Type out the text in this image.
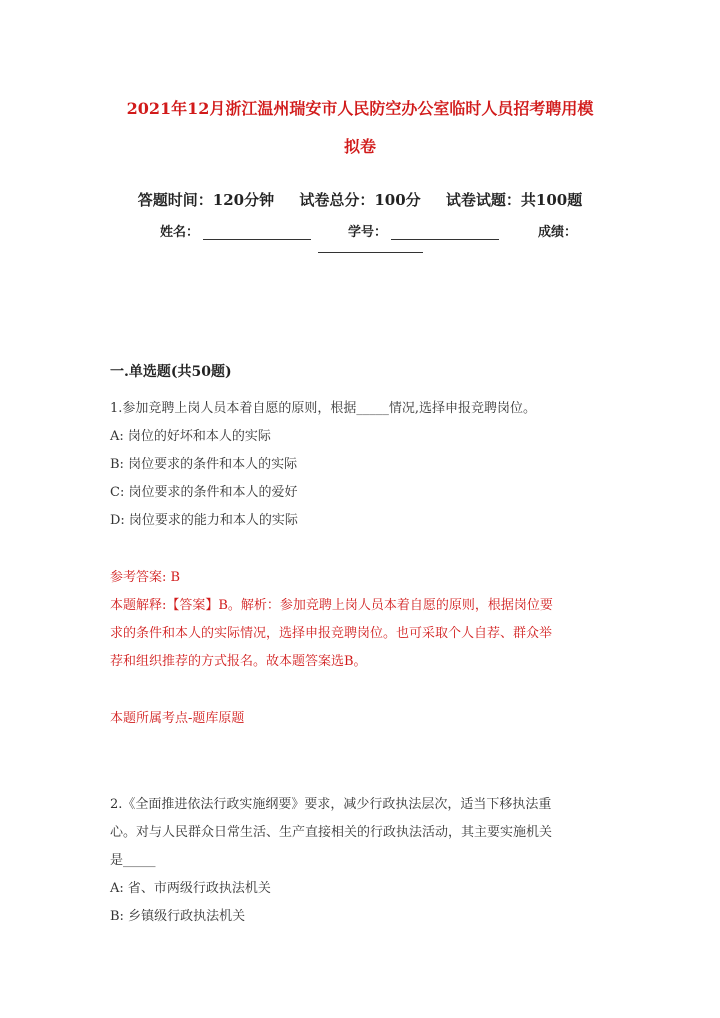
2021年12月浙江温州瑞安市人民防空办公室临时人员招考聘用模
拟卷
答题时间：120分钟 试卷总分：100分 试卷试题：共100题
姓名：	学号：	成绩：
一.单选题(共50题)
1.参加竞聘上岗人员本着自愿的原则，根据_____情况,选择申报竞聘岗位。
A: 岗位的好坏和本人的实际
B: 岗位要求的条件和本人的实际
C: 岗位要求的条件和本人的爱好
D: 岗位要求的能力和本人的实际
参考答案: B
本题解释:【答案】B。解析：参加竞聘上岗人员本着自愿的原则，根据岗位要
求的条件和本人的实际情况，选择申报竞聘岗位。也可采取个人自荐、群众举
荐和组织推荐的方式报名。故本题答案选B。
本题所属考点-题库原题
2.《全面推进依法行政实施纲要》要求，减少行政执法层次，适当下移执法重
心。对与人民群众日常生活、生产直接相关的行政执法活动，其主要实施机关
是_____
A: 省、市两级行政执法机关
B: 乡镇级行政执法机关
